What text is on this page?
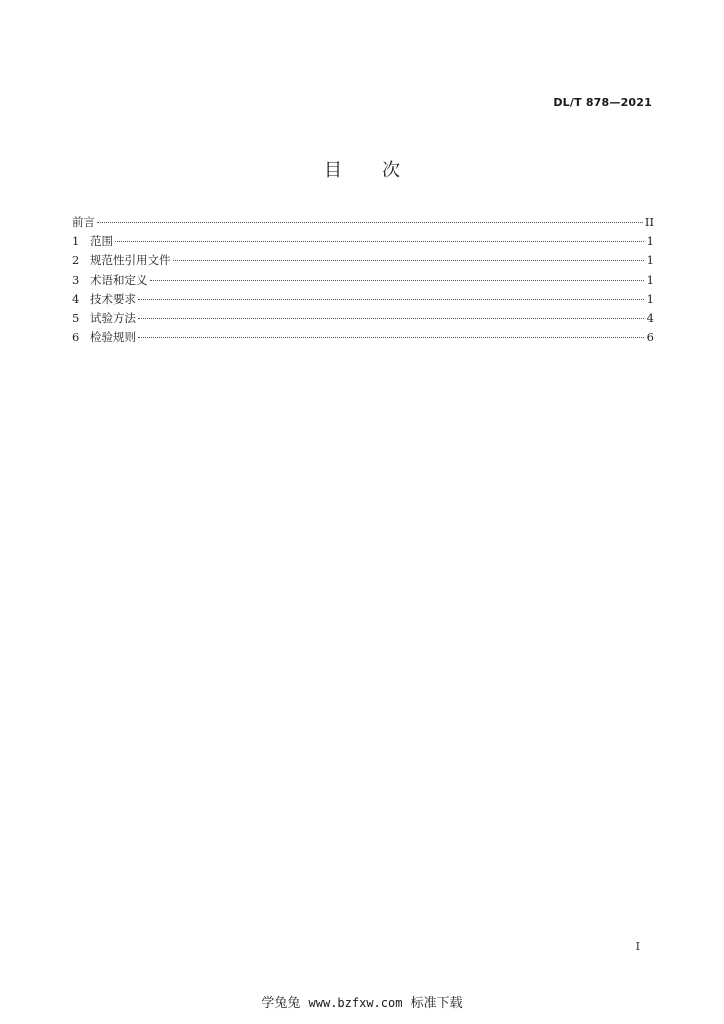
DL/T 878—2021
目 次
前言	II
1 范围	1
2 规范性引用文件	1
3 术语和定义	1
4 技术要求	1
5 试验方法	4
6 检验规则	6
I
学兔兔 www.bzfxw.com 标准下载
